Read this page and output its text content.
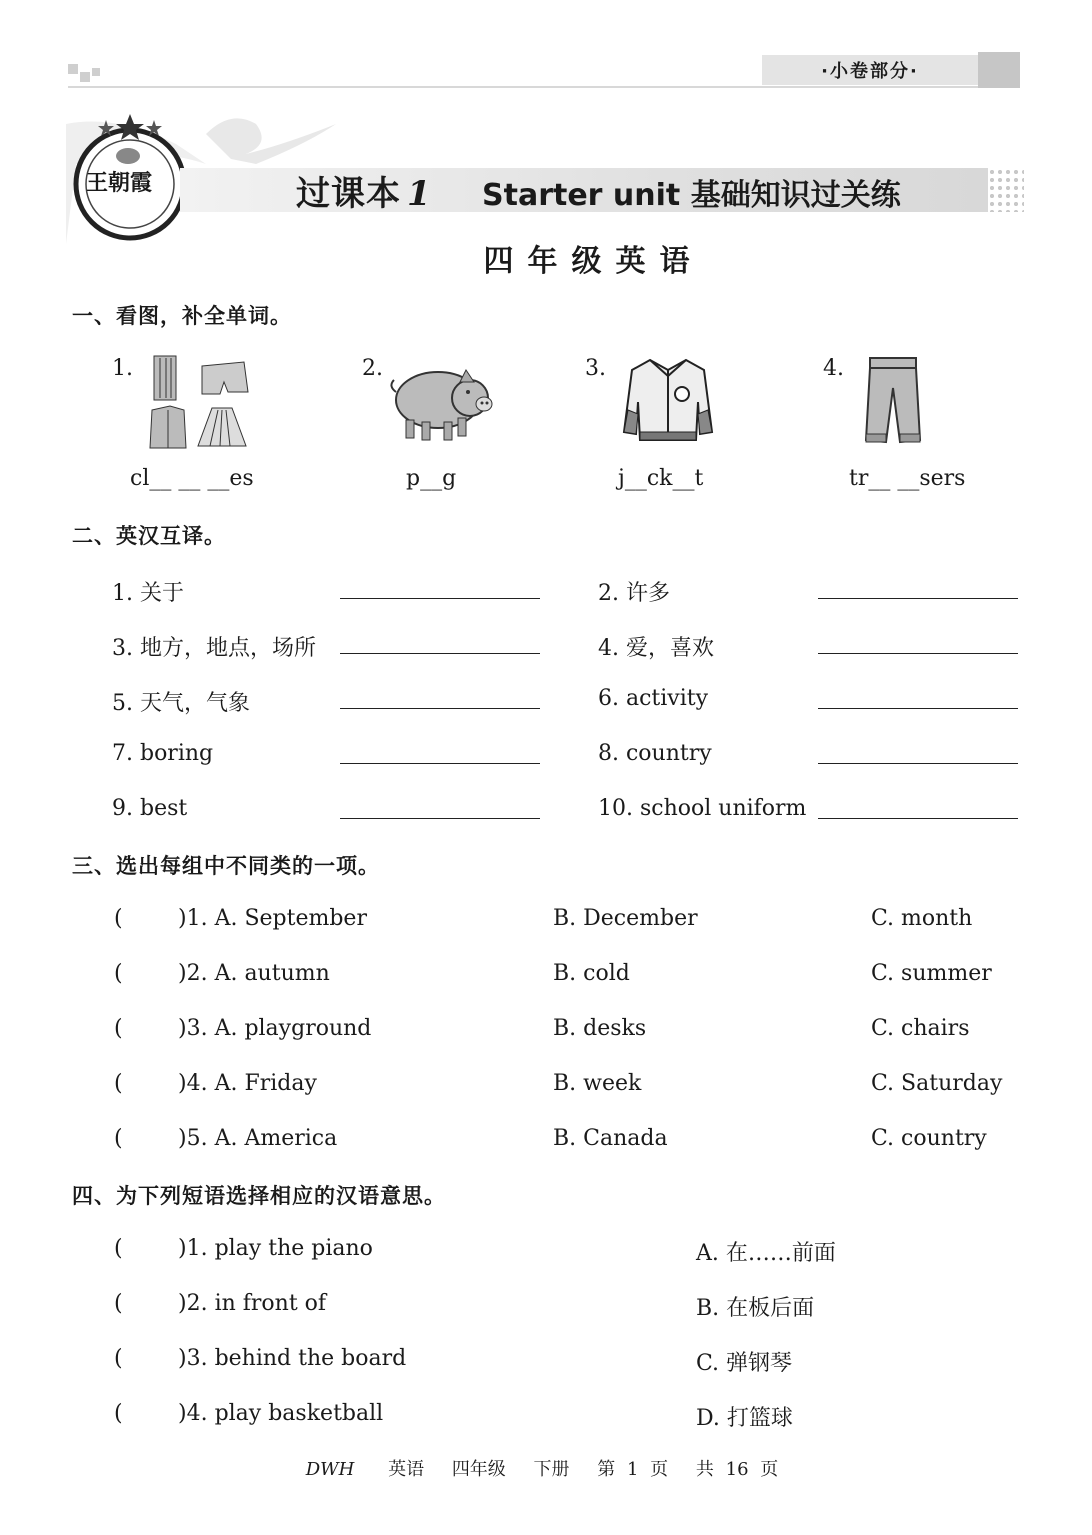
·小卷部分·
王朝霞	过课本 1 Starter unit 基础知识过关练
四年级英语
一、看图，补全单词。
1.
cl__ __ __es
2.
p__g
3.
j__ck__t
4.
tr__ __sers
二、英汉互译。
1. 关于	2. 许多
3. 地方，地点，场所	4. 爱，喜欢
5. 天气，气象	6. activity
7. boring	8. country
9. best	10. school uniform
三、选出每组中不同类的一项。
(	)1. A. September	B. December	C. month
(	)2. A. autumn	B. cold	C. summer
(	)3. A. playground	B. desks	C. chairs
(	)4. A. Friday	B. week	C. Saturday
(	)5. A. America	B. Canada	C. country
四、为下列短语选择相应的汉语意思。
(	)1. play the piano	A. 在……前面
(	)2. in front of	B. 在板后面
(	)3. behind the board	C. 弹钢琴
(	)4. play basketball	D. 打篮球
DWH 英语 四年级 下册 第 1 页 共 16 页
